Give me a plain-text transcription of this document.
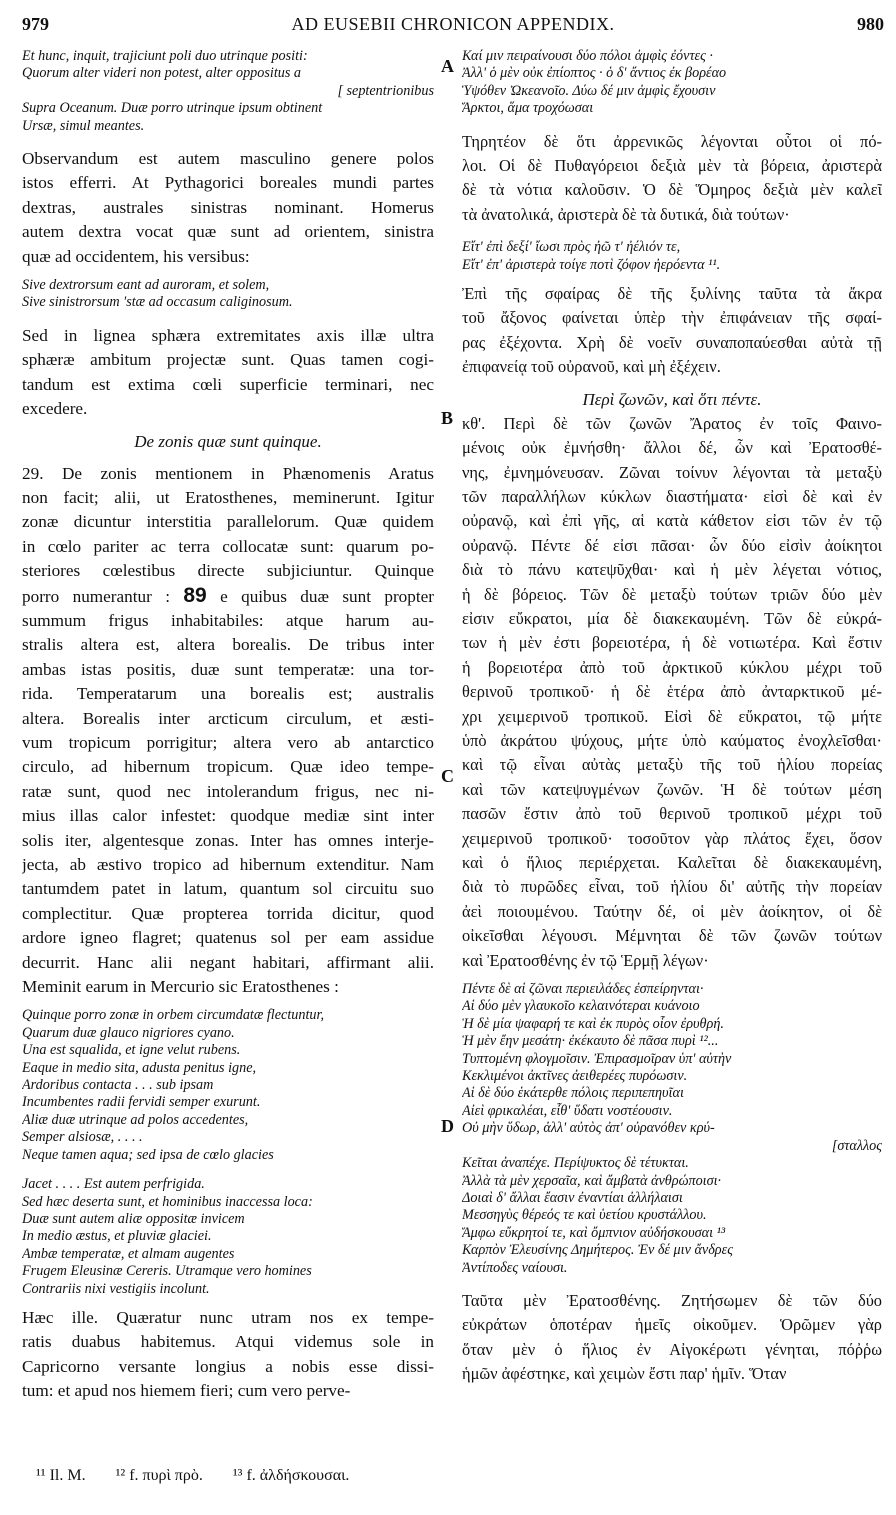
979	AD EUSEBII CHRONICON APPENDIX.	980
A
B
C
D
Et hunc, inquit, trajiciunt poli duo utrinque positi:
Quorum alter videri non potest, alter oppositus a
[ septentrionibus
Supra Oceanum. Duæ porro utrinque ipsum obtinent
Ursæ, simul meantes.
Observandum est autem masculino genere polos
istos efferri. At Pythagorici boreales mundi partes
dextras, australes sinistras nominant. Homerus
autem dextra vocat quæ sunt ad orientem, sinistra
quæ ad occidentem, his versibus:
Sive dextrorsum eant ad auroram, et solem,
Sive sinistrorsum 'stæ ad occasum caliginosum.
Sed in lignea sphæra extremitates axis illæ ultra
sphæræ ambitum projectæ sunt. Quas tamen cogi-
tandum est extima cœli superficie terminari, nec
excedere.
De zonis quæ sunt quinque.
29. De zonis mentionem in Phænomenis Aratus
non facit; alii, ut Eratosthenes, meminerunt. Igitur
zonæ dicuntur interstitia parallelorum. Quæ quidem
in cœlo pariter ac terra collocatæ sunt: quarum po-
steriores cœlestibus directe subjiciuntur. Quinque
porro numerantur : 89 e quibus duæ sunt propter
summum frigus inhabitabiles: atque harum au-
stralis altera est, altera borealis. De tribus inter
ambas istas positis, duæ sunt temperatæ: una tor-
rida. Temperatarum una borealis est; australis
altera. Borealis inter arcticum circulum, et æsti-
vum tropicum porrigitur; altera vero ab antarctico
circulo, ad hibernum tropicum. Quæ ideo tempe-
ratæ sunt, quod nec intolerandum frigus, nec ni-
mius illas calor infestet: quodque mediæ sint inter
solis iter, algentesque zonas. Inter has omnes interje-
jecta, ab æstivo tropico ad hibernum extenditur. Nam
tantumdem patet in latum, quantum sol circuitu suo
complectitur. Quæ propterea torrida dicitur, quod
ardore igneo flagret; quatenus sol per eam assidue
decurrit. Hanc alii negant habitari, affirmant alii.
Meminit earum in Mercurio sic Eratosthenes :
Quinque porro zonæ in orbem circumdatæ flectuntur,
Quarum duæ glauco nigriores cyano.
Una est squalida, et igne velut rubens.
Eaque in medio sita, adusta penitus igne,
Ardoribus contacta . . . sub ipsam
Incumbentes radii fervidi semper exurunt.
Aliæ duæ utrinque ad polos accedentes,
Semper alsiosæ, . . . .
Neque tamen aqua; sed ipsa de cœlo glacies
Jacet . . . . Est autem perfrigida.
Sed hæc deserta sunt, et hominibus inaccessa loca:
Duæ sunt autem aliæ oppositæ invicem
In medio æstus, et pluviæ glaciei.
Ambæ temperatæ, et almam augentes
Frugem Eleusinæ Cereris. Utramque vero homines
Contrariis nixi vestigiis incolunt.
Hæc ille. Quæratur nunc utram nos ex tempe-
ratis duabus habitemus. Atqui videmus sole in
Capricorno versante longius a nobis esse dissi-
tum: et apud nos hiemem fieri; cum vero perve-
Καί μιν πειραίνουσι δύο πόλοι ἀμφὶς ἐόντες ·
Ἀλλ' ὁ μὲν οὐκ ἐπίοπτος · ὁ δ' ἄντιος ἐκ βορέαο
Ὑψόθεν Ὠκεανοῖο. Δύω δέ μιν ἀμφὶς ἔχουσιν
Ἄρκτοι, ἅμα τροχόωσαι
Τηρητέον δὲ ὅτι ἀρρενικῶς λέγονται οὗτοι οἱ πό-
λοι. Οἱ δὲ Πυθαγόρειοι δεξιὰ μὲν τὰ βόρεια, ἀριστερὰ
δὲ τὰ νότια καλοῦσιν. Ὁ δὲ Ὅμηρος δεξιὰ μὲν καλεῖ
τὰ ἀνατολικά, ἀριστερὰ δὲ τὰ δυτικά, διὰ τούτων·
Εἴτ' ἐπὶ δεξί' ἴωσι πρὸς ἠῶ τ' ἠέλιόν τε,
Εἴτ' ἐπ' ἀριστερὰ τοίγε ποτὶ ζόφον ἠερόεντα ¹¹.
Ἐπὶ τῆς σφαίρας δὲ τῆς ξυλίνης ταῦτα τὰ ἄκρα
τοῦ ἄξονος φαίνεται ὑπὲρ τὴν ἐπιφάνειαν τῆς σφαί-
ρας ἐξέχοντα. Χρὴ δὲ νοεῖν συναποπαύεσθαι αὐτὰ τῇ
ἐπιφανείᾳ τοῦ οὐρανοῦ, καὶ μὴ ἐξέχειν.
Περὶ ζωνῶν, καὶ ὅτι πέντε.
κθ'. Περὶ δὲ τῶν ζωνῶν Ἄρατος ἐν τοῖς Φαινο-
μένοις οὐκ ἐμνήσθη· ἄλλοι δέ, ὧν καὶ Ἐρατοσθέ-
νης, ἐμνημόνευσαν. Ζῶναι τοίνυν λέγονται τὰ μεταξὺ
τῶν παραλλήλων κύκλων διαστήματα· εἰσὶ δὲ καὶ ἐν
οὐρανῷ, καὶ ἐπὶ γῆς, αἱ κατὰ κάθετον εἰσι τῶν ἐν τῷ
οὐρανῷ. Πέντε δέ εἰσι πᾶσαι· ὧν δύο εἰσὶν ἀοίκητοι
διὰ τὸ πάνυ κατεψῦχθαι· καὶ ἡ μὲν λέγεται νότιος,
ἡ δὲ βόρειος. Τῶν δὲ μεταξὺ τούτων τριῶν δύο μὲν
εἰσιν εὔκρατοι, μία δὲ διακεκαυμένη. Τῶν δὲ εὐκρά-
των ἡ μὲν ἐστι βορειοτέρα, ἡ δὲ νοτιωτέρα. Καὶ ἔστιν
ἡ βορειοτέρα ἀπὸ τοῦ ἀρκτικοῦ κύκλου μέχρι τοῦ
θερινοῦ τροπικοῦ· ἡ δὲ ἑτέρα ἀπὸ ἀνταρκτικοῦ μέ-
χρι χειμερινοῦ τροπικοῦ. Εἰσὶ δὲ εὔκρατοι, τῷ μήτε
ὑπὸ ἀκράτου ψύχους, μήτε ὑπὸ καύματος ἐνοχλεῖσθαι·
καὶ τῷ εἶναι αὐτὰς μεταξὺ τῆς τοῦ ἡλίου πορείας
καὶ τῶν κατεψυγμένων ζωνῶν. Ἡ δὲ τούτων μέση
πασῶν ἔστιν ἀπὸ τοῦ θερινοῦ τροπικοῦ μέχρι τοῦ
χειμερινοῦ τροπικοῦ· τοσοῦτον γὰρ πλάτος ἔχει, ὅσον
καὶ ὁ ἥλιος περιέρχεται. Καλεῖται δὲ διακεκαυμένη,
διὰ τὸ πυρῶδες εἶναι, τοῦ ἡλίου δι' αὐτῆς τὴν πορείαν
ἀεὶ ποιουμένου. Ταύτην δέ, οἱ μὲν ἀοίκητον, οἱ δὲ
οἰκεῖσθαι λέγουσι. Μέμνηται δὲ τῶν ζωνῶν τούτων
καὶ Ἐρατοσθένης ἐν τῷ Ἑρμῇ λέγων·
Πέντε δὲ αἱ ζῶναι περιειλάδες ἐσπείρηνται·
Αἱ δύο μὲν γλαυκοῖο κελαινότεραι κυάνοιο
Ἡ δὲ μία ψαφαρή τε καὶ ἐκ πυρὸς οἷον ἐρυθρή.
Ἡ μὲν ἔην μεσάτη· ἐκέκαυτο δὲ πᾶσα πυρὶ ¹²...
Τυπτομένη φλογμοῖσιν. Ἐπιρασμοῖραν ὑπ' αὐτὴν
Κεκλιμένοι ἀκτῖνες ἀειθερέες πυρόωσιν.
Αἱ δὲ δύο ἑκάτερθε πόλοις περιπεπηυῖαι
Αἰεὶ φρικαλέαι, εἶθ' ὕδατι νοστέουσιν.
Οὐ μὴν ὕδωρ, ἀλλ' αὐτὸς ἀπ' οὐρανόθεν κρύ-
[σταλλος
Κεῖται ἀναπέχε. Περίψυκτος δὲ τέτυκται.
Ἀλλὰ τὰ μὲν χερσαῖα, καὶ ἄμβατὰ ἀνθρώποισι·
Δοιαὶ δ' ἄλλαι ἔασιν ἐναντίαι ἀλλήλαισι
Μεσσηγὺς θέρεός τε καὶ ὑετίου κρυστάλλου.
Ἄμφω εὔκρητοί τε, καὶ ὄμπνιον αὐδήσκουσαι ¹³
Καρπὸν Ἐλευσίνης Δημήτερος. Ἐν δέ μιν ἄνδρες
Ἀντίποδες ναίουσι.
Ταῦτα μὲν Ἐρατοσθένης. Ζητήσωμεν δὲ τῶν δύο
εὐκράτων ὁποτέραν ἡμεῖς οἰκοῦμεν. Ὁρῶμεν γὰρ
ὅταν μὲν ὁ ἥλιος ἐν Αἰγοκέρωτι γένηται, πόῤῥω
ἡμῶν ἀφέστηκε, καὶ χειμὼν ἔστι παρ' ἡμῖν. Ὅταν
¹¹ Il. M. ¹² f. πυρὶ πρὸ. ¹³ f. ἀλδήσκουσαι.
